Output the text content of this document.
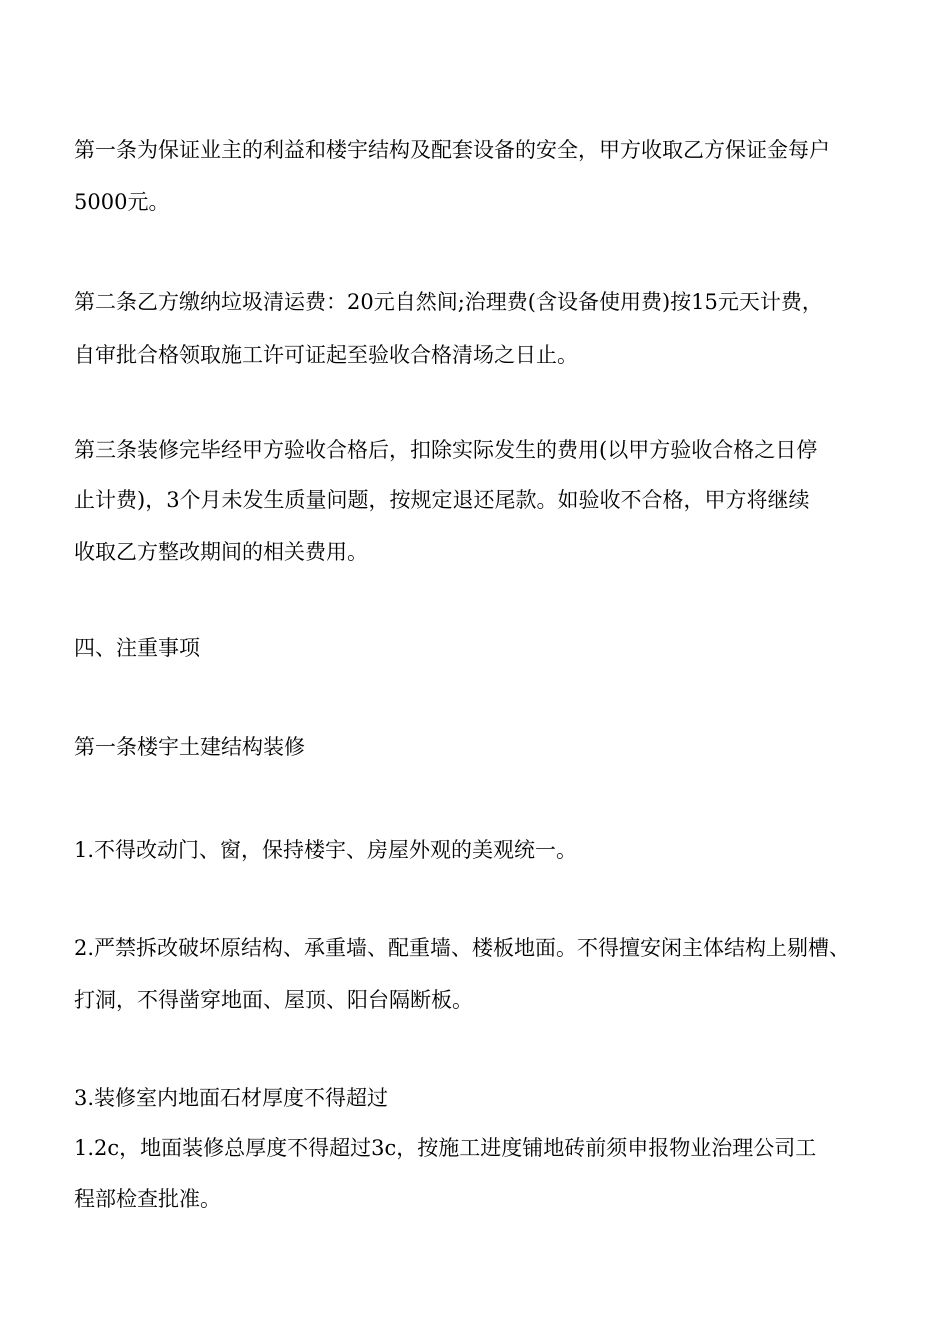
第一条为保证业主的利益和楼宇结构及配套设备的安全，甲方收取乙方保证金每户
5000元。
第二条乙方缴纳垃圾清运费：20元自然间;治理费(含设备使用费)按15元天计费，
自审批合格领取施工许可证起至验收合格清场之日止。
第三条装修完毕经甲方验收合格后，扣除实际发生的费用(以甲方验收合格之日停
止计费)，3个月未发生质量问题，按规定退还尾款。如验收不合格，甲方将继续
收取乙方整改期间的相关费用。
四、注重事项
第一条楼宇土建结构装修
1.不得改动门、窗，保持楼宇、房屋外观的美观统一。
2.严禁拆改破坏原结构、承重墙、配重墙、楼板地面。不得擅安闲主体结构上剔槽、
打洞，不得凿穿地面、屋顶、阳台隔断板。
3.装修室内地面石材厚度不得超过
1.2c，地面装修总厚度不得超过3c，按施工进度铺地砖前须申报物业治理公司工
程部检查批准。
